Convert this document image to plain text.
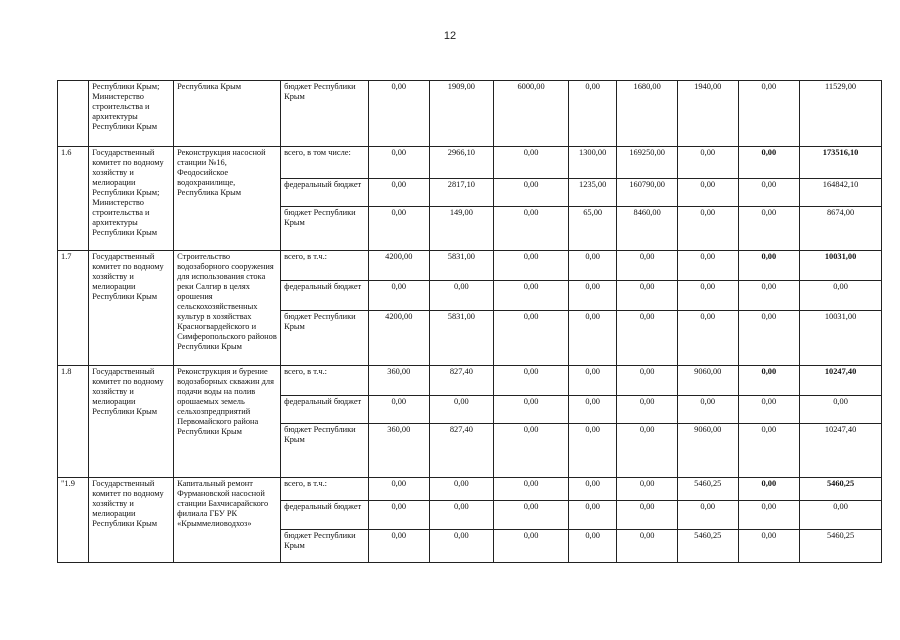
12
	Республики Крым; Министерство строительства и архитектуры Республики Крым	Республика Крым	бюджет Республики Крым	0,00	1909,00	6000,00	0,00	1680,00	1940,00	0,00	11529,00
1.6	Государственный комитет по водному хозяйству и мелиорации Республики Крым; Министерство строительства и архитектуры Республики Крым	Реконструкция насосной станции №16, Феодосийское водохранилище, Республика Крым	всего, в том числе:	0,00	2966,10	0,00	1300,00	169250,00	0,00	0,00	173516,10
			федеральный бюджет	0,00	2817,10	0,00	1235,00	160790,00	0,00	0,00	164842,10
			бюджет Республики Крым	0,00	149,00	0,00	65,00	8460,00	0,00	0,00	8674,00
1.7	Государственный комитет по водному хозяйству и мелиорации Республики Крым	Строительство водозаборного сооружения для использования стока реки Салгир в целях орошения сельскохозяйственных культур в хозяйствах Красногвардейского и Симферопольского районов Республики Крым	всего, в т.ч.:	4200,00	5831,00	0,00	0,00	0,00	0,00	0,00	10031,00
			федеральный бюджет	0,00	0,00	0,00	0,00	0,00	0,00	0,00	0,00
			бюджет Республики Крым	4200,00	5831,00	0,00	0,00	0,00	0,00	0,00	10031,00
1.8	Государственный комитет по водному хозяйству и мелиорации Республики Крым	Реконструкция и бурение водозаборных скважин для подачи воды на полив орошаемых земель сельхозпредприятий Первомайского района Республики Крым	всего, в т.ч.:	360,00	827,40	0,00	0,00	0,00	9060,00	0,00	10247,40
			федеральный бюджет	0,00	0,00	0,00	0,00	0,00	0,00	0,00	0,00
			бюджет Республики Крым	360,00	827,40	0,00	0,00	0,00	9060,00	0,00	10247,40
"1.9	Государственный комитет по водному хозяйству и мелиорации Республики Крым	Капитальный ремонт Фурмановской насосной станции Бахчисарайского филиала ГБУ РК «Крыммелиоводхоз»	всего, в т.ч.:	0,00	0,00	0,00	0,00	0,00	5460,25	0,00	5460,25
			федеральный бюджет	0,00	0,00	0,00	0,00	0,00	0,00	0,00	0,00
			бюджет Республики Крым	0,00	0,00	0,00	0,00	0,00	5460,25	0,00	5460,25
